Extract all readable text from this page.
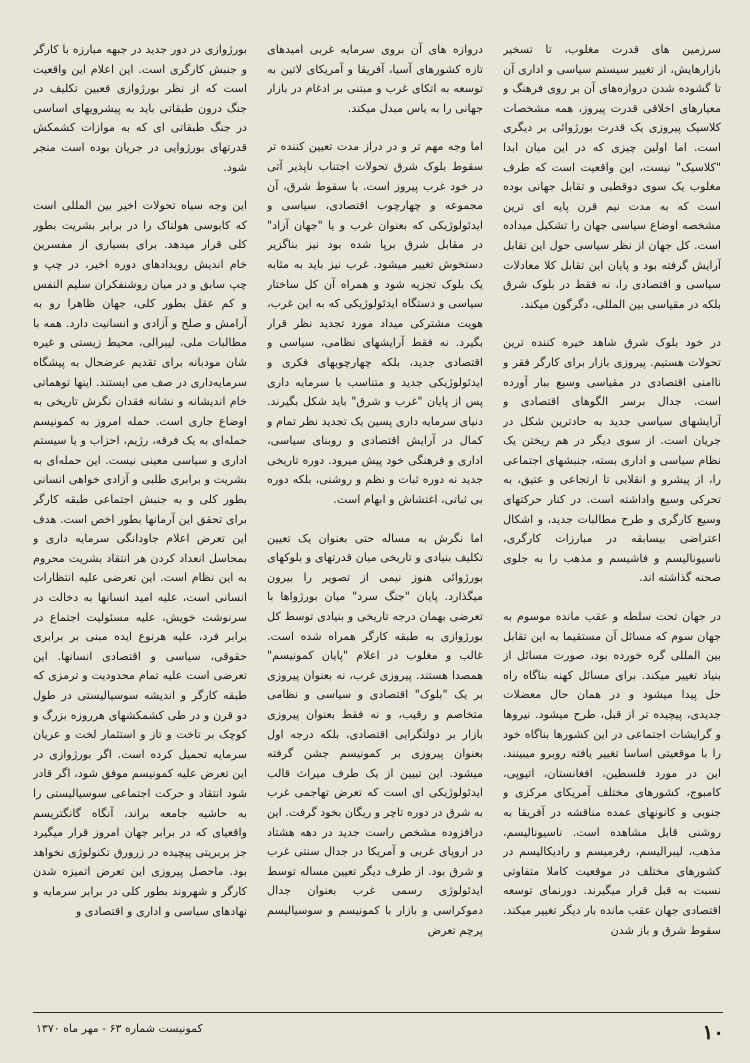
سرزمین های قدرت مغلوب، تا تسخیر بازارهایش، از تغییر سیستم سیاسی و اداری آن تا گشوده شدن دروازه‌های آن بر روی فرهنگ و معیارهای اخلاقی قدرت پیروز، همه مشخصات کلاسیک پیروزی یک قدرت بورژوائی بر دیگری است. اما اولین چیزی که در این میان ابدا "کلاسیک" نیست، این واقعیت است که طرف مغلوب یک سوی دوقطبی و تقابل جهانی بوده است که به مدت نیم قرن پایه ای ترین مشخصه اوضاع سیاسی جهان را تشکیل میداده است. کل جهان از نظر سیاسی حول این تقابل آرایش گرفته بود و پایان این تقابل کلا معادلات سیاسی و اقتصادی را، نه فقط در بلوک شرق بلکه در مقیاسی بین المللی، دگرگون میکند.

در خود بلوک شرق شاهد خیره کننده ترین تحولات هستیم. پیروزی بازار برای کارگر فقر و ناامنی اقتصادی در مقیاسی وسیع ببار آورده است. جدال برسر الگوهای اقتصادی و آرایشهای سیاسی جدید به حادترین شکل در جریان است. از سوی دیگر در هم ریختن یک نظام سیاسی و اداری بسته، جنبشهای اجتماعی را، از پیشرو و انقلابی تا ارتجاعی و عتیق، به تحرکی وسیع واداشته است. در کنار حرکتهای وسیع کارگری و طرح مطالبات جدید، و اشکال اعتراضی بیسابقه در مبارزات کارگری، ناسیونالیسم و فاشیسم و مذهب را به جلوی صحنه گذاشته اند.

در جهان تحت سلطه و عقب مانده موسوم به جهان سوم که مسائل آن مستقیما به این تقابل بین المللی گره خورده بود، صورت مسائل از بنیاد تغییر میکند. برای مسائل کهنه بناگاه راه حل پیدا میشود و در همان حال معضلات جدیدی، پیچیده تر از قبل، طرح میشود. نیروها و گرایشات اجتماعی در این کشورها بناگاه خود را با موقعیتی اساسا تغییر یافته روبرو میبینند. این در مورد فلسطین، افغانستان، اتیوپی، کامبوج، کشورهای مختلف آمریکای مرکزی و جنوبی و کانونهای عمده مناقشه در آفریقا به روشنی قابل مشاهده است. ناسیونالیسم، مذهب، لیبرالیسم، رفرمیسم و رادیکالیسم در کشورهای مختلف در موقعیت کاملا متفاوتی نسبت به قبل قرار میگیرند. دورنمای توسعه اقتصادی جهان عقب مانده بار دیگر تغییر میکند. سقوط شرق و باز شدن

دروازه های آن بروی سرمایه غربی امیدهای تازه کشورهای آسیا، آفریقا و آمریکای لاتین به توسعه به اتکای غرب و مبتنی بر ادغام در بازار جهانی را به یاس مبدل میکند.

اما وجه مهم تر و در دراز مدت تعیین کننده تر سقوط بلوک شرق تحولات اجتناب ناپذیر آتی در خود غرب پیروز است. با سقوط شرق، آن مجموعه و چهارچوب اقتصادی، سیاسی و ایدئولوژیکی که بعنوان غرب و یا "جهان آزاد" در مقابل شرق برپا شده بود نیز بناگزیر دستخوش تغییر میشود. غرب نیز باید به مثابه یک بلوک تجزیه شود و همراه آن کل ساختار سیاسی و دستگاه ایدئولوژیکی که به این غرب، هویت مشترکی میداد مورد تجدید نظر قرار بگیرد. نه فقط آرایشهای نظامی، سیاسی و اقتصادی جدید، بلکه چهارچوبهای فکری و ایدئولوژیکی جدید و متناسب با سرمایه داری پس از پایان "غرب و شرق" باید شکل بگیرند. دنیای سرمایه داری پسین یک تجدید نظر تمام و کمال در آرایش اقتصادی و روبنای سیاسی، اداری و فرهنگی خود پیش میرود. دوره تاریخی جدید نه دوره ثبات و نظم و روشنی، بلکه دوره بی ثباتی، اغتشاش و ابهام است.

اما نگرش به مساله حتی بعنوان یک تعیین تکلیف بنیادی و تاریخی میان قدرتهای و بلوکهای بورژوائی هنوز نیمی از تصویر را بیرون میگذارد. پایان "جنگ سرد" میان بورژواها با تعرضی بهمان درجه تاریخی و بنیادی توسط کل بورژوازی به طبقه کارگر همراه شده است. غالب و مغلوب در اعلام "پایان کمونیسم" همصدا هستند. پیروزی غرب، نه بعنوان پیروزی بر یک "بلوک" اقتصادی و سیاسی و نظامی متخاصم و رقیب، و نه فقط بعنوان پیروزی بازار بر دولتگرایی اقتصادی، بلکه درجه اول بعنوان پیروزی بر کمونیسم جشن گرفته میشود. این تبیین از یک طرف میراث قالب ایدئولوژیکی ای است که تعرض تهاجمی غرب به شرق در دوره تاچر و ریگان بخود گرفت. این درافزوده مشخص راست جدید در دهه هشتاد در اروپای غربی و آمریکا در جدال سنتی غرب و شرق بود. از طرف دیگر تعیین مساله توسط ایدئولوژی رسمی غرب بعنوان جدال دموکراسی و بازار با کمونیسم و سوسیالیسم پرچم تعرض

بورژوازی در دور جدید در جبهه مبارزه با کارگر و جنبش کارگری است. این اعلام این واقعیت است که از نظر بورژوازی قعبین تکلیف در جنگ درون طبقاتی باید به پیشرویهای اساسی در جنگ طبقاتی ای که به موازات کشمکش قدرتهای بورژوایی در جریان بوده است منجر شود.

این وجه سیاه تحولات اخیر بین المللی است که کابوسی هولناک را در برابر بشریت بطور کلی قرار میدهد. برای بسیاری از مفسرین خام اندیش رویدادهای دوره اخیر، در چپ و چپ سابق و در میان روشنفکران سلیم النفس و کم عقل بطور کلی، جهان ظاهرا رو به آرامش و صلح و آزادی و انسانیت دارد. همه با مطالبات ملی، لیبرالی، محیط زیستی و غیره شان مودبانه برای تقدیم عرضحال به پیشگاه سرمایه‌داری در صف می ایستند. اینها توهماتی خام اندیشانه و نشانه فقدان نگرش تاریخی به اوضاع جاری است. حمله امروز به کمونیسم حمله‌ای به یک فرقه، رژیم، احزاب و یا سیستم اداری و سیاسی معینی نیست. این حمله‌ای به بشریت و برابری طلبی و آزادی خواهی انسانی بطور کلی و به جنبش اجتماعی طبقه کارگر برای تحقق این آرمانها بطور اخص است. هدف این تعرض اعلام جاودانگی سرمایه داری و بمحاسل انعداد کردن هر انتقاد بشریت محروم به این نظام است. این تعرضی علیه انتظارات انسانی است، علیه امید انسانها به دخالت در سرنوشت خویش، علیه مسئولیت اجتماع در برابر فرد، علیه هرنوع ایده مبنی بر برابری حقوقی، سیاسی و اقتصادی انسانها. این تعرضی است علیه تمام محدودیت و ترمزی که طبقه کارگر و اندیشه سوسیالیستی در طول دو قرن و در طی کشمکشهای هرروزه بزرگ و کوچک بر تاخت و تاز و استثمار لخت و عریان سرمایه تحمیل کرده است. اگر بورژوازی در این تعرض علیه کمونیسم موفق شود، اگر قادر شود انتقاد و حرکت اجتماعی سوسیالیستی را به حاشیه جامعه براند، آنگاه گانگتریسم واقعیای که در برابر جهان امروز قرار میگیرد جز بربریتی پیچیده در زرورق تکنولوژی نخواهد بود. ماحصل پیروزی این تعرض اتمیزه شدن کارگر و شهروند بطور کلی در برابر سرمایه و نهادهای سیاسی و اداری و اقتصادی و

۱۰
کمونیست شماره ۶۳ - مهر ماه ۱۳۷۰
